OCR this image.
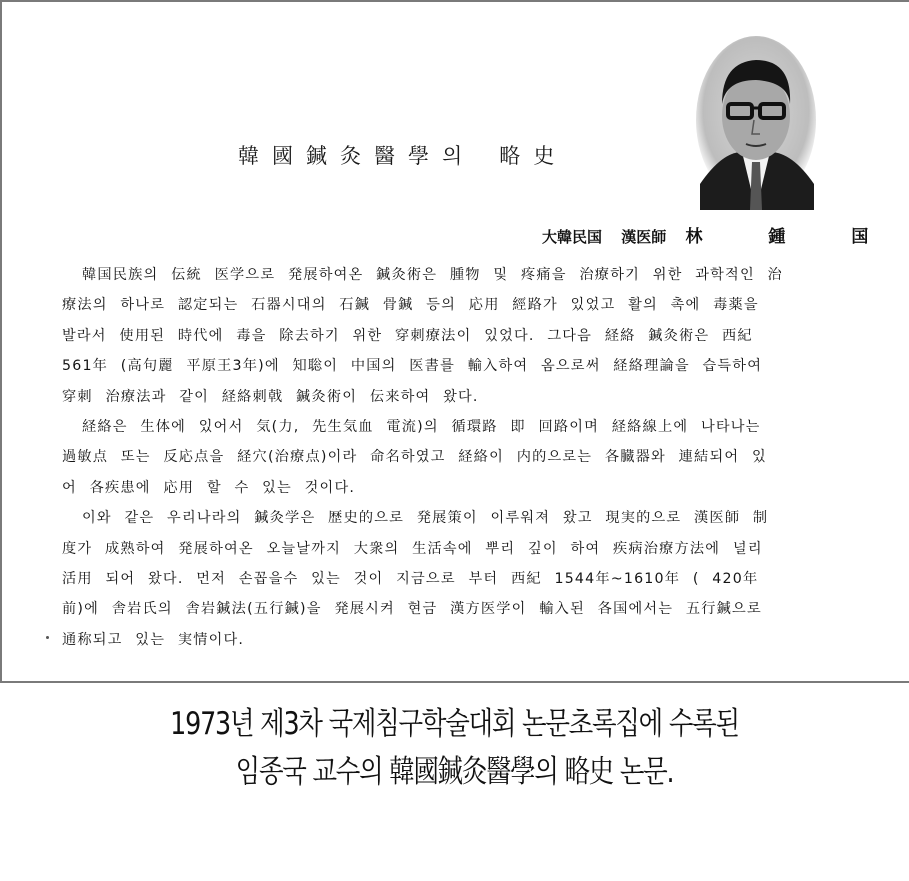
韓國鍼灸醫學의 略史
大韓民国 漢医師 林 鍾 国
韓国民族의 伝統 医学으로 発展하여온 鍼灸術은 腫物 및 疼痛을 治療하기 위한 과학적인 治
療法의 하나로 認定되는 石器시대의 石鍼 骨鍼 등의 応用 經路가 있었고 활의 촉에 毒薬을
발라서 使用된 時代에 毒을 除去하기 위한 穿刺療法이 있었다. 그다음 経絡 鍼灸術은 西紀
561年 (高句麗 平原王3年)에 知聡이 中国의 医書를 輸入하여 옴으로써 経絡理論을 습득하여
穿刺 治療法과 같이 経絡刺戟 鍼灸術이 伝来하여 왔다.
経絡은 生体에 있어서 気(力, 先生気血 電流)의 循環路 即 回路이며 経絡線上에 나타나는
過敏点 또는 反応点을 経穴(治療点)이라 命名하였고 経絡이 内的으로는 各臓器와 連結되어 있
어 各疾患에 応用 할 수 있는 것이다.
이와 같은 우리나라의 鍼灸学은 歴史的으로 発展策이 이루워져 왔고 現実的으로 漢医師 制
度가 成熟하여 発展하여온 오늘날까지 大衆의 生活속에 뿌리 깊이 하여 疾病治療方法에 널리
活用 되어 왔다. 먼저 손꼽을수 있는 것이 지금으로 부터 西紀 1544年~1610年 ( 420年
前)에 舎岩氏의 舎岩鍼法(五行鍼)을 発展시켜 현금 漢方医学이 輸入된 各国에서는 五行鍼으로
通称되고 있는 実情이다.
1973년 제3차 국제침구학술대회 논문초록집에 수록된
임종국 교수의 韓國鍼灸醫學의 略史 논문.
